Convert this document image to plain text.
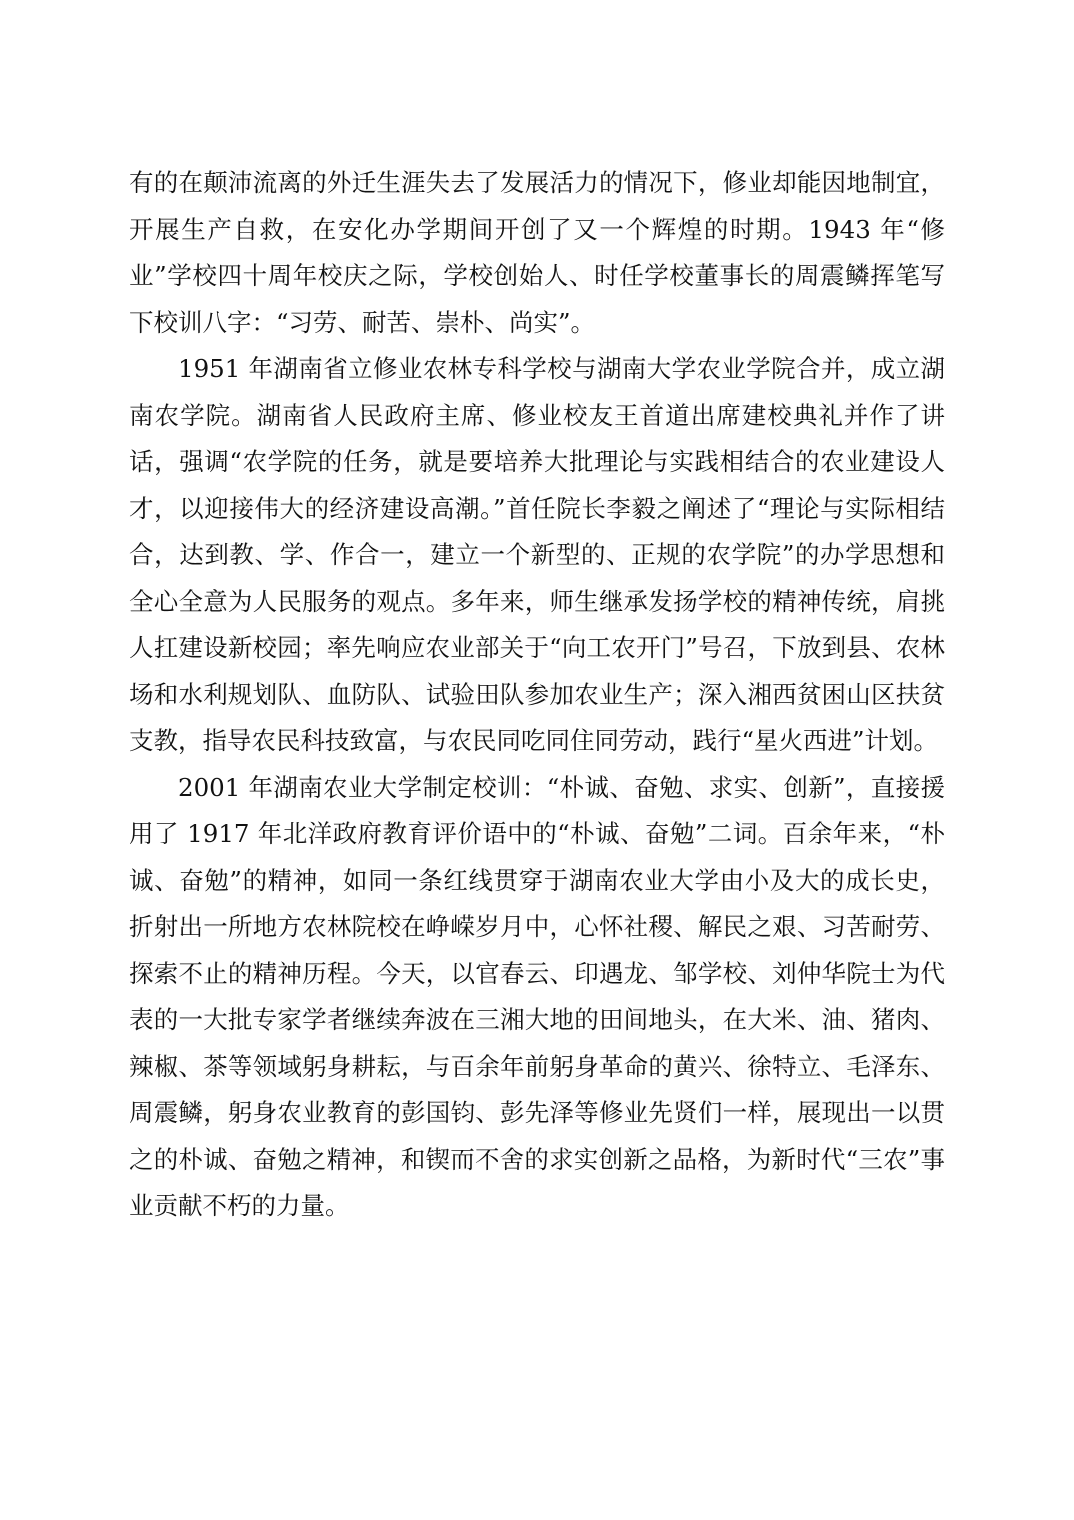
有的在颠沛流离的外迁生涯失去了发展活力的情况下，修业却能因地制宜，开展生产自救，在安化办学期间开创了又一个辉煌的时期。1943 年“修业”学校四十周年校庆之际，学校创始人、时任学校董事长的周震鳞挥笔写下校训八字：“习劳、耐苦、崇朴、尚实”。

1951 年湖南省立修业农林专科学校与湖南大学农业学院合并，成立湖南农学院。湖南省人民政府主席、修业校友王首道出席建校典礼并作了讲话，强调“农学院的任务，就是要培养大批理论与实践相结合的农业建设人才，以迎接伟大的经济建设高潮。”首任院长李毅之阐述了“理论与实际相结合，达到教、学、作合一，建立一个新型的、正规的农学院”的办学思想和全心全意为人民服务的观点。多年来，师生继承发扬学校的精神传统，肩挑人扛建设新校园；率先响应农业部关于“向工农开门”号召，下放到县、农林场和水利规划队、血防队、试验田队参加农业生产；深入湘西贫困山区扶贫支教，指导农民科技致富，与农民同吃同住同劳动，践行“星火西进”计划。

2001 年湖南农业大学制定校训：“朴诚、奋勉、求实、创新”，直接援用了 1917 年北洋政府教育评价语中的“朴诚、奋勉”二词。百余年来，“朴诚、奋勉”的精神，如同一条红线贯穿于湖南农业大学由小及大的成长史，折射出一所地方农林院校在峥嵘岁月中，心怀社稷、解民之艰、习苦耐劳、探索不止的精神历程。今天，以官春云、印遇龙、邹学校、刘仲华院士为代表的一大批专家学者继续奔波在三湘大地的田间地头，在大米、油、猪肉、辣椒、茶等领域躬身耕耘，与百余年前躬身革命的黄兴、徐特立、毛泽东、周震鳞，躬身农业教育的彭国钧、彭先泽等修业先贤们一样，展现出一以贯之的朴诚、奋勉之精神，和锲而不舍的求实创新之品格，为新时代“三农”事业贡献不朽的力量。
